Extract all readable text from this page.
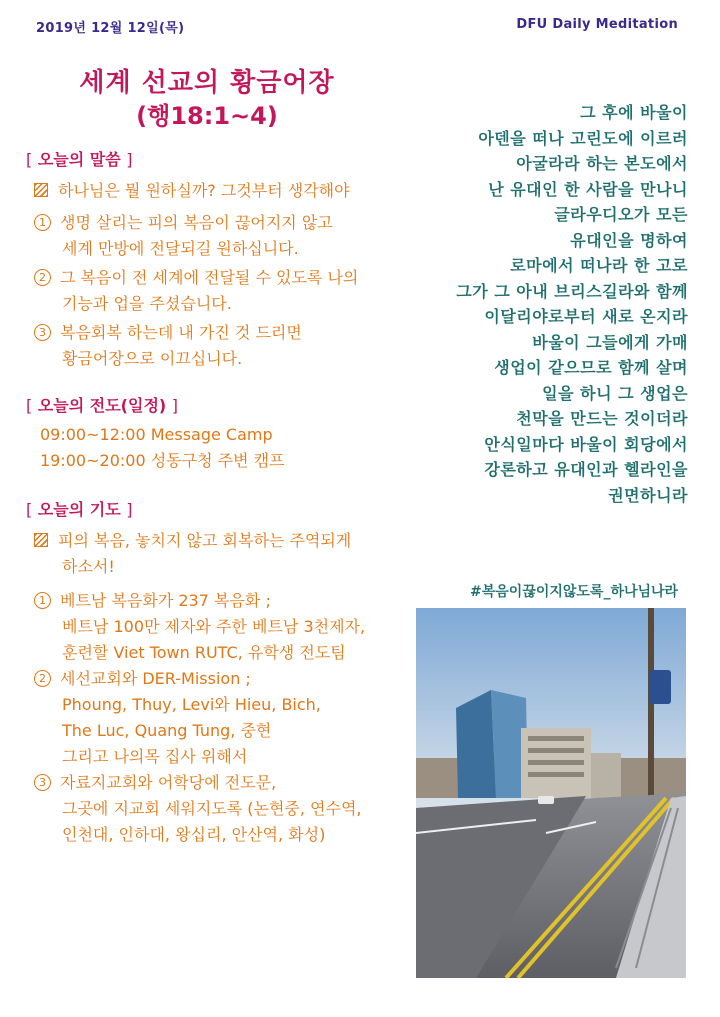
2019년 12월 12일(목)	DFU Daily Meditation
세계 선교의 황금어장
(행18:1~4)
[ 오늘의 말씀 ]
하나님은 뭘 원하실까? 그것부터 생각해야
1 생명 살리는 피의 복음이 끊어지지 않고
세계 만방에 전달되길 원하십니다.
2 그 복음이 전 세계에 전달될 수 있도록 나의
기능과 업을 주셨습니다.
3 복음회복 하는데 내 가진 것 드리면
황금어장으로 이끄십니다.
[ 오늘의 전도(일정) ]
09:00~12:00 Message Camp
19:00~20:00 성동구청 주변 캠프
[ 오늘의 기도 ]
피의 복음, 놓치지 않고 회복하는 주역되게
하소서!
1 베트남 복음화가 237 복음화 ;
베트남 100만 제자와 주한 베트남 3천제자,
훈련할 Viet Town RUTC, 유학생 전도팀
2 세선교회와 DER-Mission ;
Phoung, Thuy, Levi와 Hieu, Bich,
The Luc, Quang Tung, 중현
그리고 나의목 집사 위해서
3 자료지교회와 어학당에 전도문,
그곳에 지교회 세워지도록 (논현중, 연수역,
인천대, 인하대, 왕십리, 안산역, 화성)
그 후에 바울이
아덴을 떠나 고린도에 이르러
아굴라라 하는 본도에서
난 유대인 한 사람을 만나니
글라우디오가 모든
유대인을 명하여
로마에서 떠나라 한 고로
그가 그 아내 브리스길라와 함께
이달리야로부터 새로 온지라
바울이 그들에게 가매
생업이 같으므로 함께 살며
일을 하니 그 생업은
천막을 만드는 것이더라
안식일마다 바울이 회당에서
강론하고 유대인과 헬라인을
권면하니라
#복음이끊이지않도록_하나님나라
